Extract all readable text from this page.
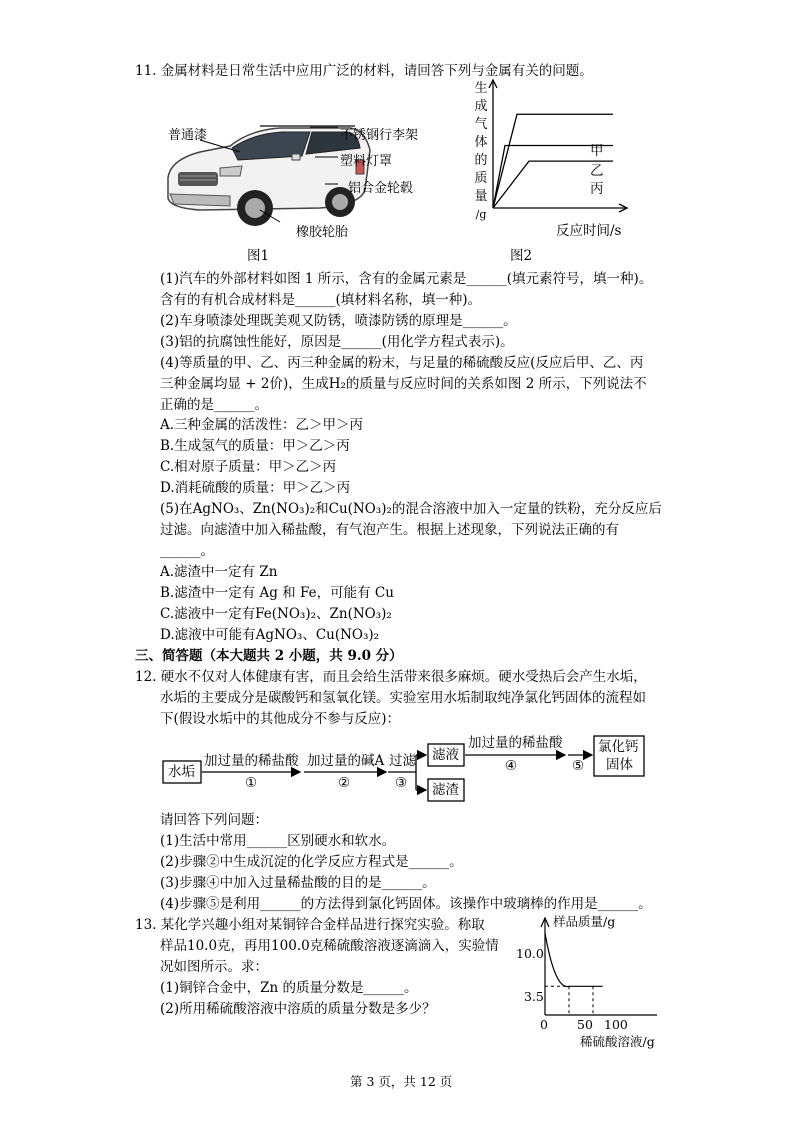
11. 金属材料是日常生活中应用广泛的材料，请回答下列与金属有关的问题。
普通漆	不锈钢行李架
塑料灯罩
铝合金轮毂
橡胶轮胎
图1
生
成
气
体
的
质
量
/g
甲
乙
丙
反应时间/s
图2
(1)汽车的外部材料如图 1 所示，含有的金属元素是______(填元素符号，填一种)。
含有的有机合成材料是______(填材料名称，填一种)。
(2)车身喷漆处理既美观又防锈，喷漆防锈的原理是______。
(3)铝的抗腐蚀性能好，原因是______(用化学方程式表示)。
(4)等质量的甲、乙、丙三种金属的粉末，与足量的稀硫酸反应(反应后甲、乙、丙
三种金属均显 + 2价)，生成H₂的质量与反应时间的关系如图 2 所示，下列说法不
正确的是______。
A.三种金属的活泼性：乙＞甲＞丙
B.生成氢气的质量：甲＞乙＞丙
C.相对原子质量：甲＞乙＞丙
D.消耗硫酸的质量：甲＞乙＞丙
(5)在AgNO₃、Zn(NO₃)₂和Cu(NO₃)₂的混合溶液中加入一定量的铁粉，充分反应后
过滤。向滤渣中加入稀盐酸，有气泡产生。根据上述现象，下列说法正确的有
______。
A.滤渣中一定有 Zn
B.滤渣中一定有 Ag 和 Fe，可能有 Cu
C.滤液中一定有Fe(NO₃)₂、Zn(NO₃)₂
D.滤液中可能有AgNO₃、Cu(NO₃)₂
三、简答题（本大题共 2 小题，共 9.0 分）
12. 硬水不仅对人体健康有害，而且会给生活带来很多麻烦。硬水受热后会产生水垢，
水垢的主要成分是碳酸钙和氢氧化镁。实验室用水垢制取纯净氯化钙固体的流程如
下(假设水垢中的其他成分不参与反应)：
水垢
加过量的稀盐酸
①
加过量的碱A
②
过滤
③
滤液
滤渣
加过量的稀盐酸
④	⑤
氯化钙
固体
请回答下列问题：
(1)生活中常用______区别硬水和软水。
(2)步骤②中生成沉淀的化学反应方程式是______。
(3)步骤④中加入过量稀盐酸的目的是______。
(4)步骤⑤是利用______的方法得到氯化钙固体。该操作中玻璃棒的作用是______。
13. 某化学兴趣小组对某铜锌合金样品进行探究实验。称取
样品10.0克，再用100.0克稀硫酸溶液逐滴滴入，实验情
况如图所示。求：
(1)铜锌合金中，Zn 的质量分数是______。
(2)所用稀硫酸溶液中溶质的质量分数是多少？
样品质量/g
10.0
3.5
0 50 100
稀硫酸溶液/g
第 3 页，共 12 页
